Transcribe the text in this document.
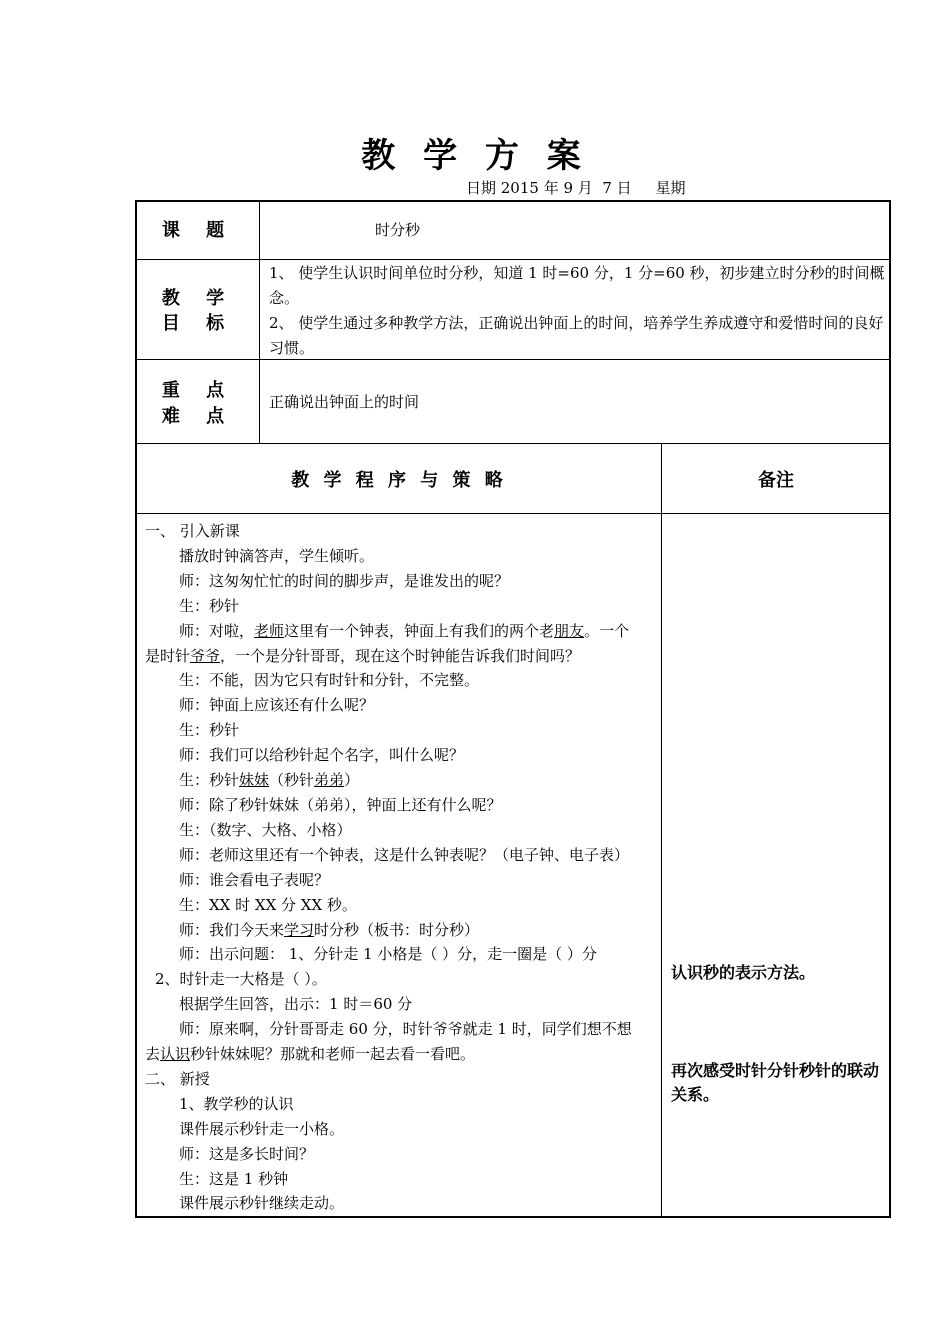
教 学 方 案
日期 2015 年 9 月  7 日     星期
课 题	时分秒
教 学
目 标
1、 使学生认识时间单位时分秒，知道 1 时=60 分，1 分=60 秒，初步建立时分秒的时间概念。
2、 使学生通过多种教学方法，正确说出钟面上的时间，培养学生养成遵守和爱惜时间的良好习惯。
重 点
难 点
正确说出钟面上的时间
教 学 程 序 与 策 略	备注
一、 引入新课
播放时钟滴答声，学生倾听。
师：这匆匆忙忙的时间的脚步声，是谁发出的呢？
生：秒针
师：对啦，老师这里有一个钟表，钟面上有我们的两个老朋友。一个
是时针爷爷，一个是分针哥哥，现在这个时钟能告诉我们时间吗？
生：不能，因为它只有时针和分针，不完整。
师：钟面上应该还有什么呢？
生：秒针
师：我们可以给秒针起个名字，叫什么呢？
生：秒针妹妹（秒针弟弟）
师：除了秒针妹妹（弟弟），钟面上还有什么呢？
生：（数字、大格、小格）
师：老师这里还有一个钟表，这是什么钟表呢？（电子钟、电子表）
师：谁会看电子表呢？
生：XX 时 XX 分 XX 秒。
师：我们今天来学习时分秒（板书：时分秒）
师：出示问题： 1、分针走 1 小格是（ ）分，走一圈是（ ）分
2、时针走一大格是（ ）。
根据学生回答，出示：1 时＝60 分
师：原来啊，分针哥哥走 60 分，时针爷爷就走 1 时，同学们想不想
去认识秒针妹妹呢？那就和老师一起去看一看吧。
二、 新授
1、教学秒的认识
课件展示秒针走一小格。
师：这是多长时间？
生：这是 1 秒钟
课件展示秒针继续走动。
认识秒的表示方法。
再次感受时针分针秒针的联动关系。
